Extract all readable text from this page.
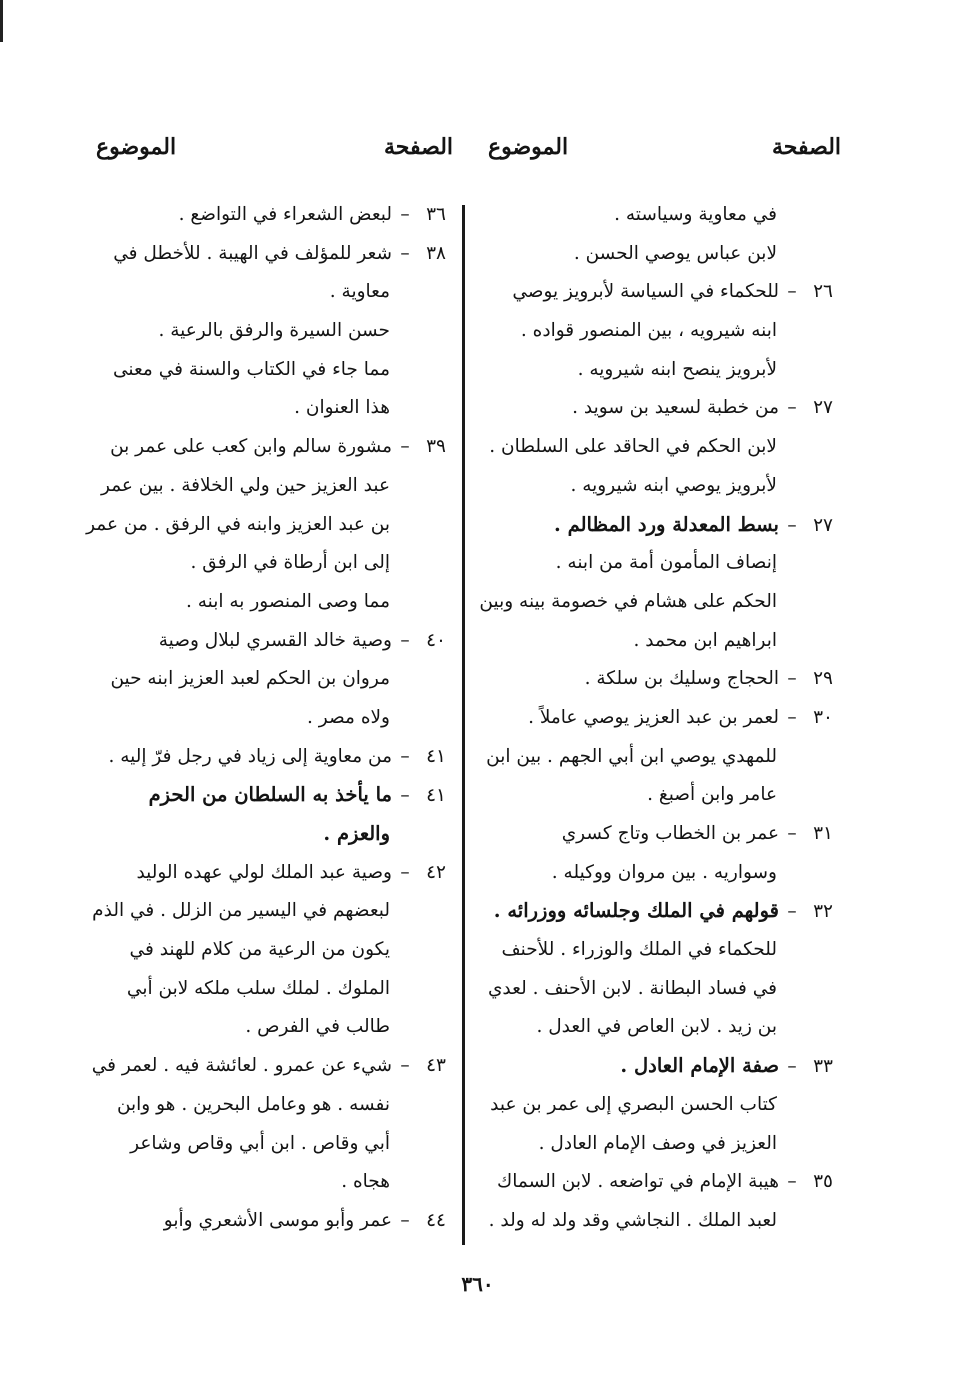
الصفحة
الموضوع
الصفحة
الموضوع
في معاوية وسياسته .
لابن عباس يوصي الحسن .
٢٦–للحكماء في السياسة لأبرويز يوصي
ابنه شيرويه ، بين المنصور قواده .
لأبرويز ينصح ابنه شيرويه .
٢٧–من خطبة لسعيد بن سويد .
لابن الحكم في الحاقد على السلطان .
لأبرويز يوصي ابنه شيرويه .
٢٧–بسط المعدلة ورد المظالم .
إنصاف المأمون أمة من ابنه .
الحكم على هشام في خصومة بينه وبين
ابراهيم ابن محمد .
٢٩–الحجاج وسليك بن سلكة .
٣٠–لعمر بن عبد العزيز يوصي عاملاً .
للمهدي يوصي ابن أبي الجهم . بين ابن
عامر وابن أصبغ .
٣١–عمر بن الخطاب وتاج كسري
وسواريه . بين مروان ووكيله .
٣٢–قولهم في الملك وجلسائه ووزرائه .
للحكماء في الملك والوزراء . للأحنف
في فساد البطانة . لابن الأحنف . لعدي
بن زيد . لابن العاص في العدل .
٣٣–صفة الإمام العادل .
كتاب الحسن البصري إلى عمر بن عبد
العزيز في وصف الإمام العادل .
٣٥–هيبة الإمام في تواضعه . لابن السماك
لعبد الملك . النجاشي وقد ولد له ولد .
٣٦–لبعض الشعراء في التواضع .
٣٨–شعر للمؤلف في الهيبة . للأخطل في
معاوية .
حسن السيرة والرفق بالرعية .
مما جاء في الكتاب والسنة في معنى
هذا العنوان .
٣٩–مشورة سالم وابن كعب على عمر بن
عبد العزيز حين ولي الخلافة . بين عمر
بن عبد العزيز وابنه في الرفق . من عمر
إلى ابن أرطاة في الرفق .
مما وصى المنصور به ابنه .
٤٠–وصية خالد القسري لبلال وصية
مروان بن الحكم لعبد العزيز ابنه حين
ولاه مصر .
٤١–من معاوية إلى زياد في رجل فرّ إليه .
٤١–ما يأخذ به السلطان من الحزم
والعزم .
٤٢–وصية عبد الملك لولي عهده الوليد
لبعضهم في اليسير من الزلل . في الذم
يكون من الرعية من كلام للهند في
الملوك . لملك سلب ملكه لابن أبي
طالب في الفرص .
٤٣–شيء عن عمرو . لعائشة فيه . لعمر في
نفسه . هو وعامل البحرين . هو وابن
أبي وقاص . ابن أبي وقاص وشاعر
هجاه .
٤٤–عمر وأبو موسى الأشعري وأبو
٣٦٠
